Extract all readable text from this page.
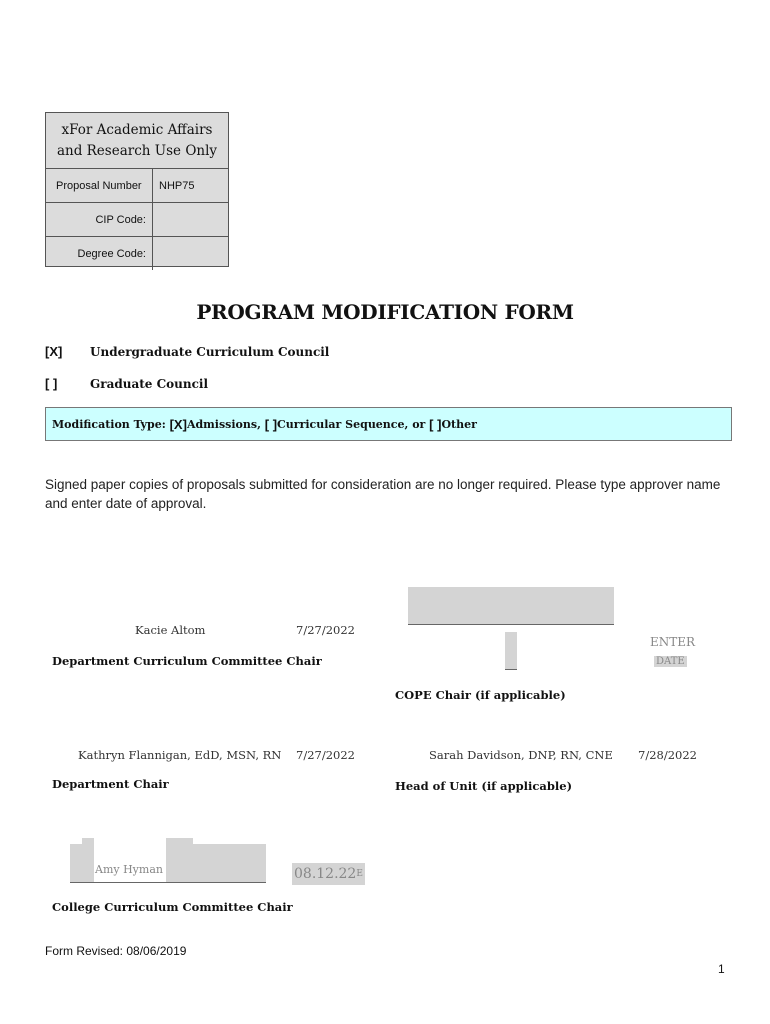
xFor Academic Affairs and Research Use Only
Proposal Number	NHP75
CIP Code:
Degree Code:
PROGRAM MODIFICATION FORM
[X] Undergraduate Curriculum Council
[ ]	Graduate Council
Modification Type:
[X] Admissions,
[ ] Curricular Sequence,
or
[ ] Other
Signed paper copies of proposals submitted for consideration are no longer required. Please type approver name and enter date of approval.
Kacie Altom	7/27/2022
Department Curriculum Committee Chair
ENTER
DATE
COPE Chair (if applicable)
Kathryn Flannigan, EdD, MSN, RN 7/27/2022
Department Chair
Sarah Davidson, DNP, RN, CNE 7/28/2022
Head of Unit (if applicable)
Amy Hyman	08.12.22 E
College Curriculum Committee Chair
Form Revised: 08/06/2019
1
